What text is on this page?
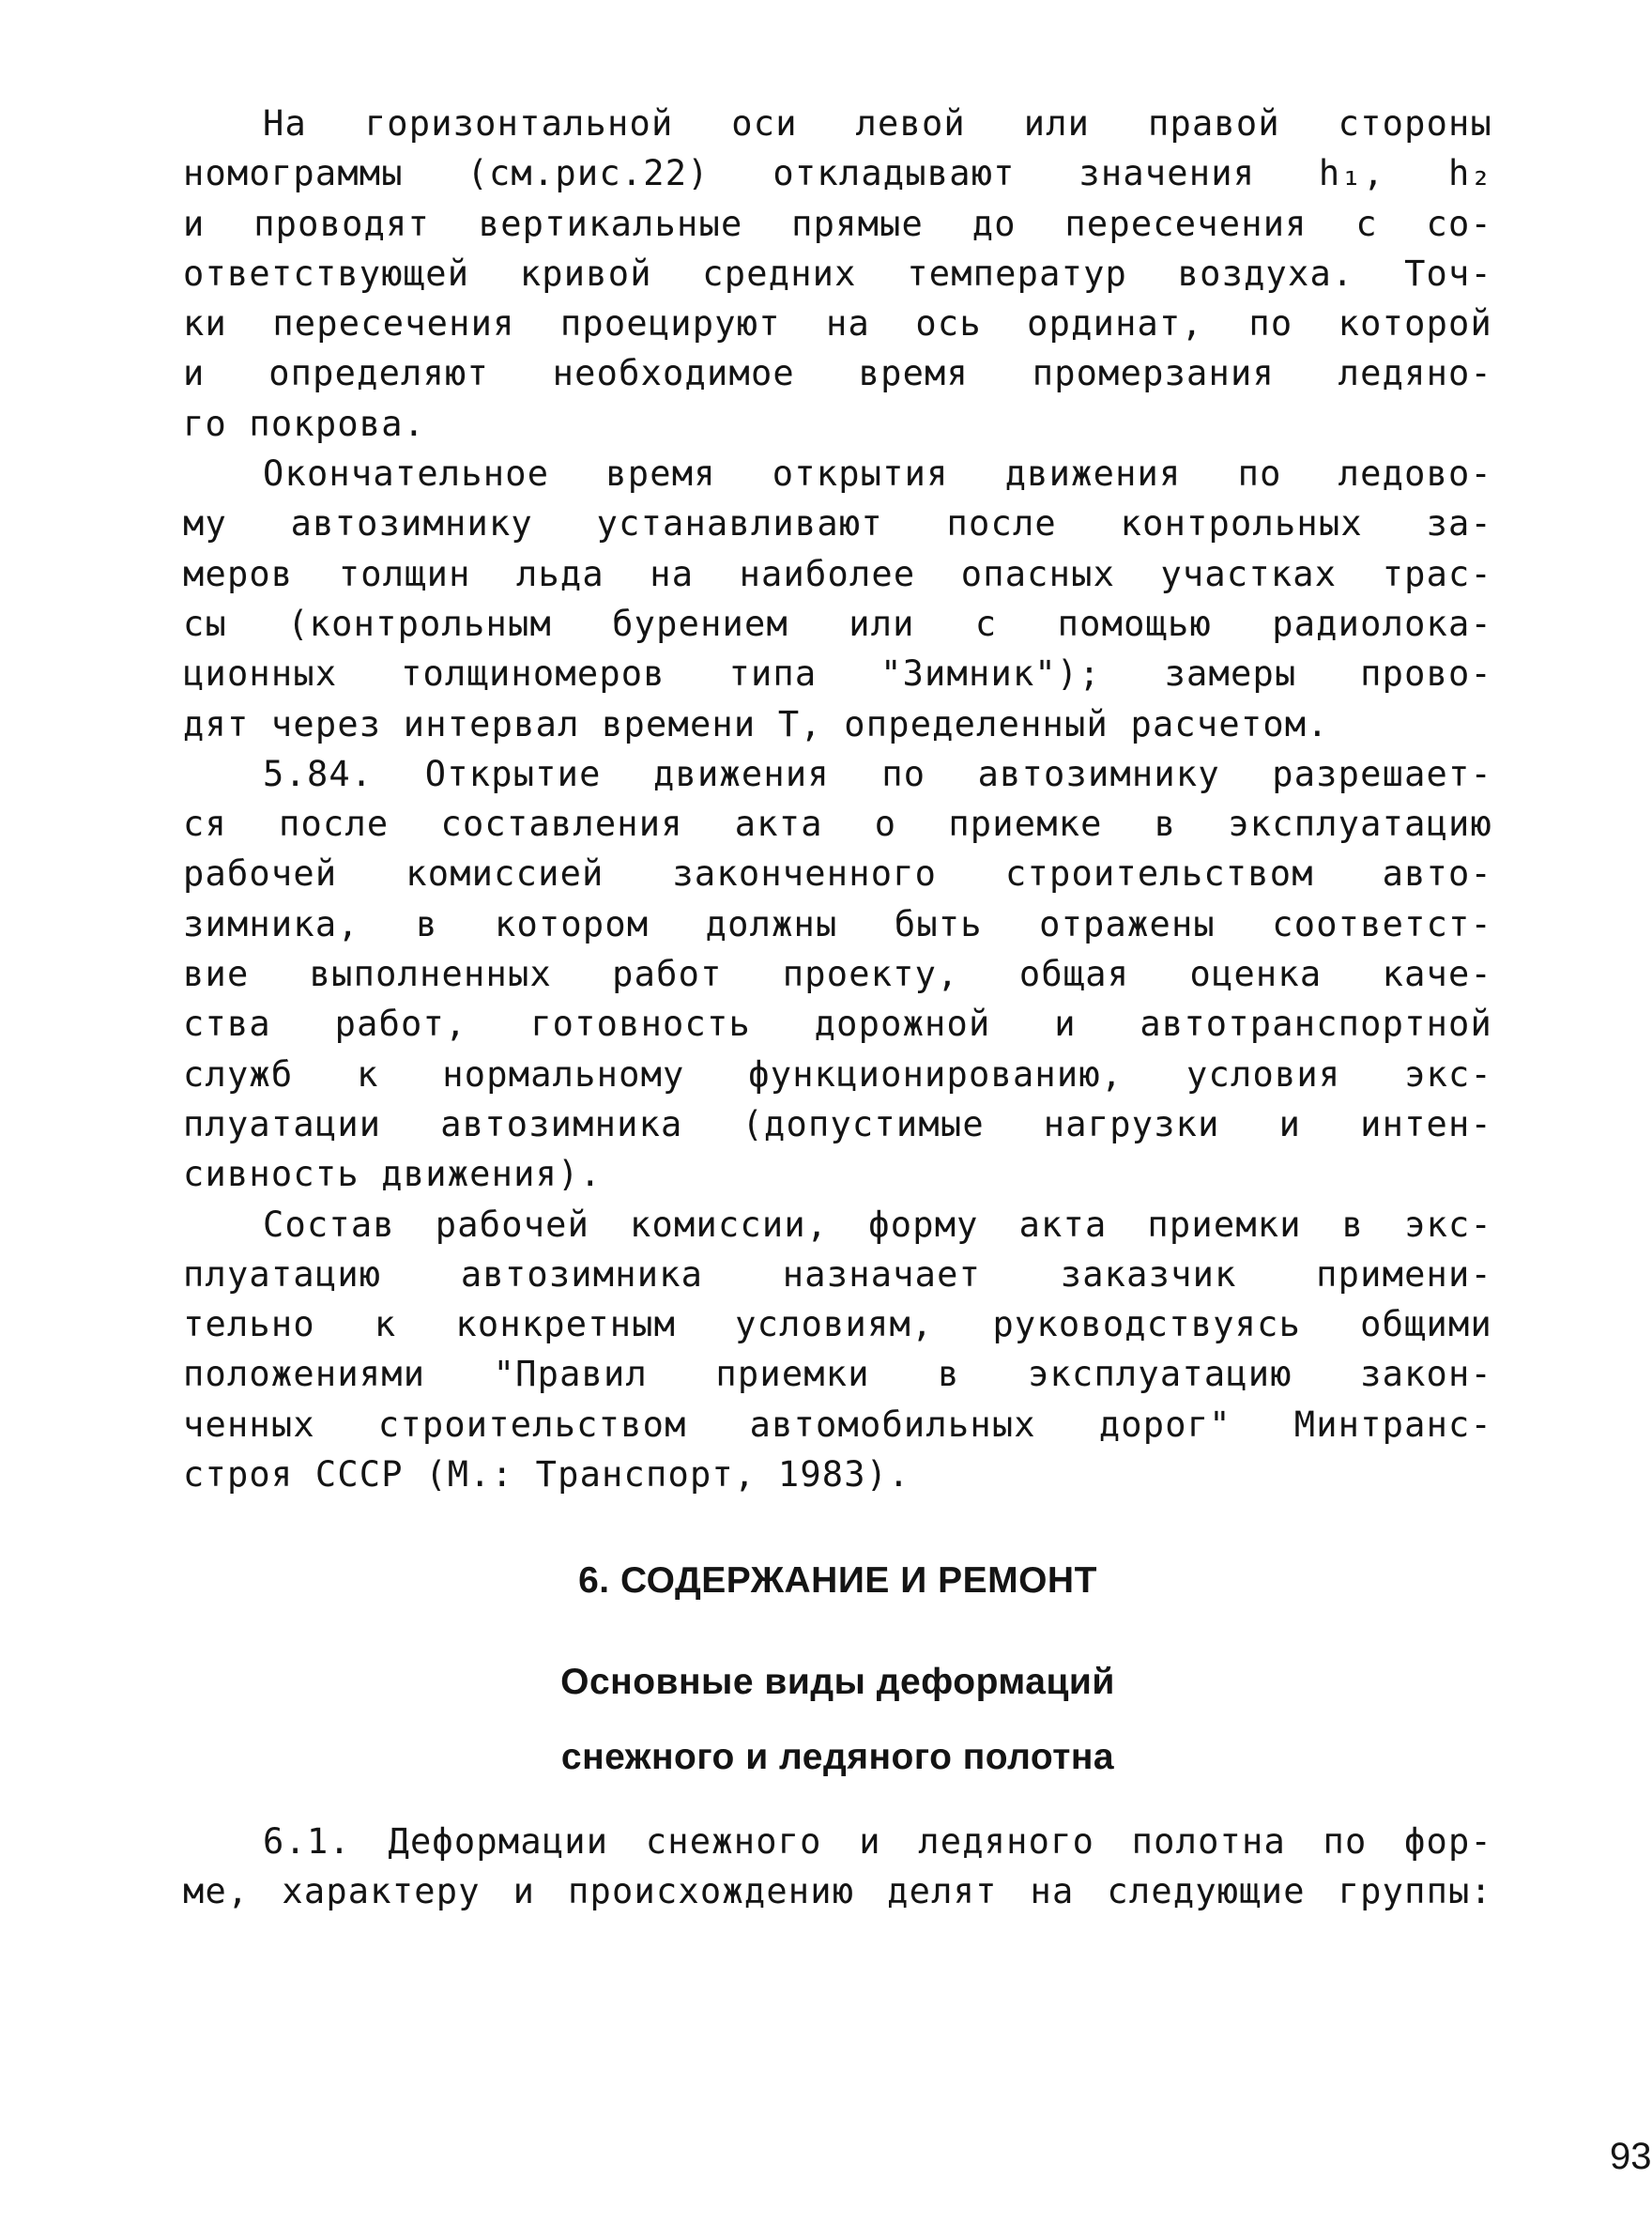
На горизонтальной оси левой или правой стороны
номограммы (см.рис.22) откладывают значения h₁, h₂
и проводят вертикальные прямые до пересечения с со-
ответствующей кривой средних температур воздуха. Точ-
ки пересечения проецируют на ось ординат, по которой
и определяют необходимое время промерзания ледяно-
го покрова.
Окончательное время открытия движения по ледово-
му автозимнику устанавливают после контрольных за-
меров толщин льда на наиболее опасных участках трас-
сы (контрольным бурением или с помощью радиолока-
ционных толщиномеров типа "Зимник"); замеры прово-
дят через интервал времени T, определенный расчетом.
5.84. Открытие движения по автозимнику разрешает-
ся после составления акта о приемке в эксплуатацию
рабочей комиссией законченного строительством авто-
зимника, в котором должны быть отражены соответст-
вие выполненных работ проекту, общая оценка каче-
ства работ, готовность дорожной и автотранспортной
служб к нормальному функционированию, условия экс-
плуатации автозимника (допустимые нагрузки и интен-
сивность движения).
Состав рабочей комиссии, форму акта приемки в экс-
плуатацию автозимника назначает заказчик примени-
тельно к конкретным условиям, руководствуясь общими
положениями "Правил приемки в эксплуатацию закон-
ченных строительством автомобильных дорог" Минтранс-
строя СССР (М.: Транспорт, 1983).
6. СОДЕРЖАНИЕ И РЕМОНТ
Основные виды деформаций
снежного и ледяного полотна
6.1. Деформации снежного и ледяного полотна по фор-
ме, характеру и происхождению делят на следующие группы:
93
